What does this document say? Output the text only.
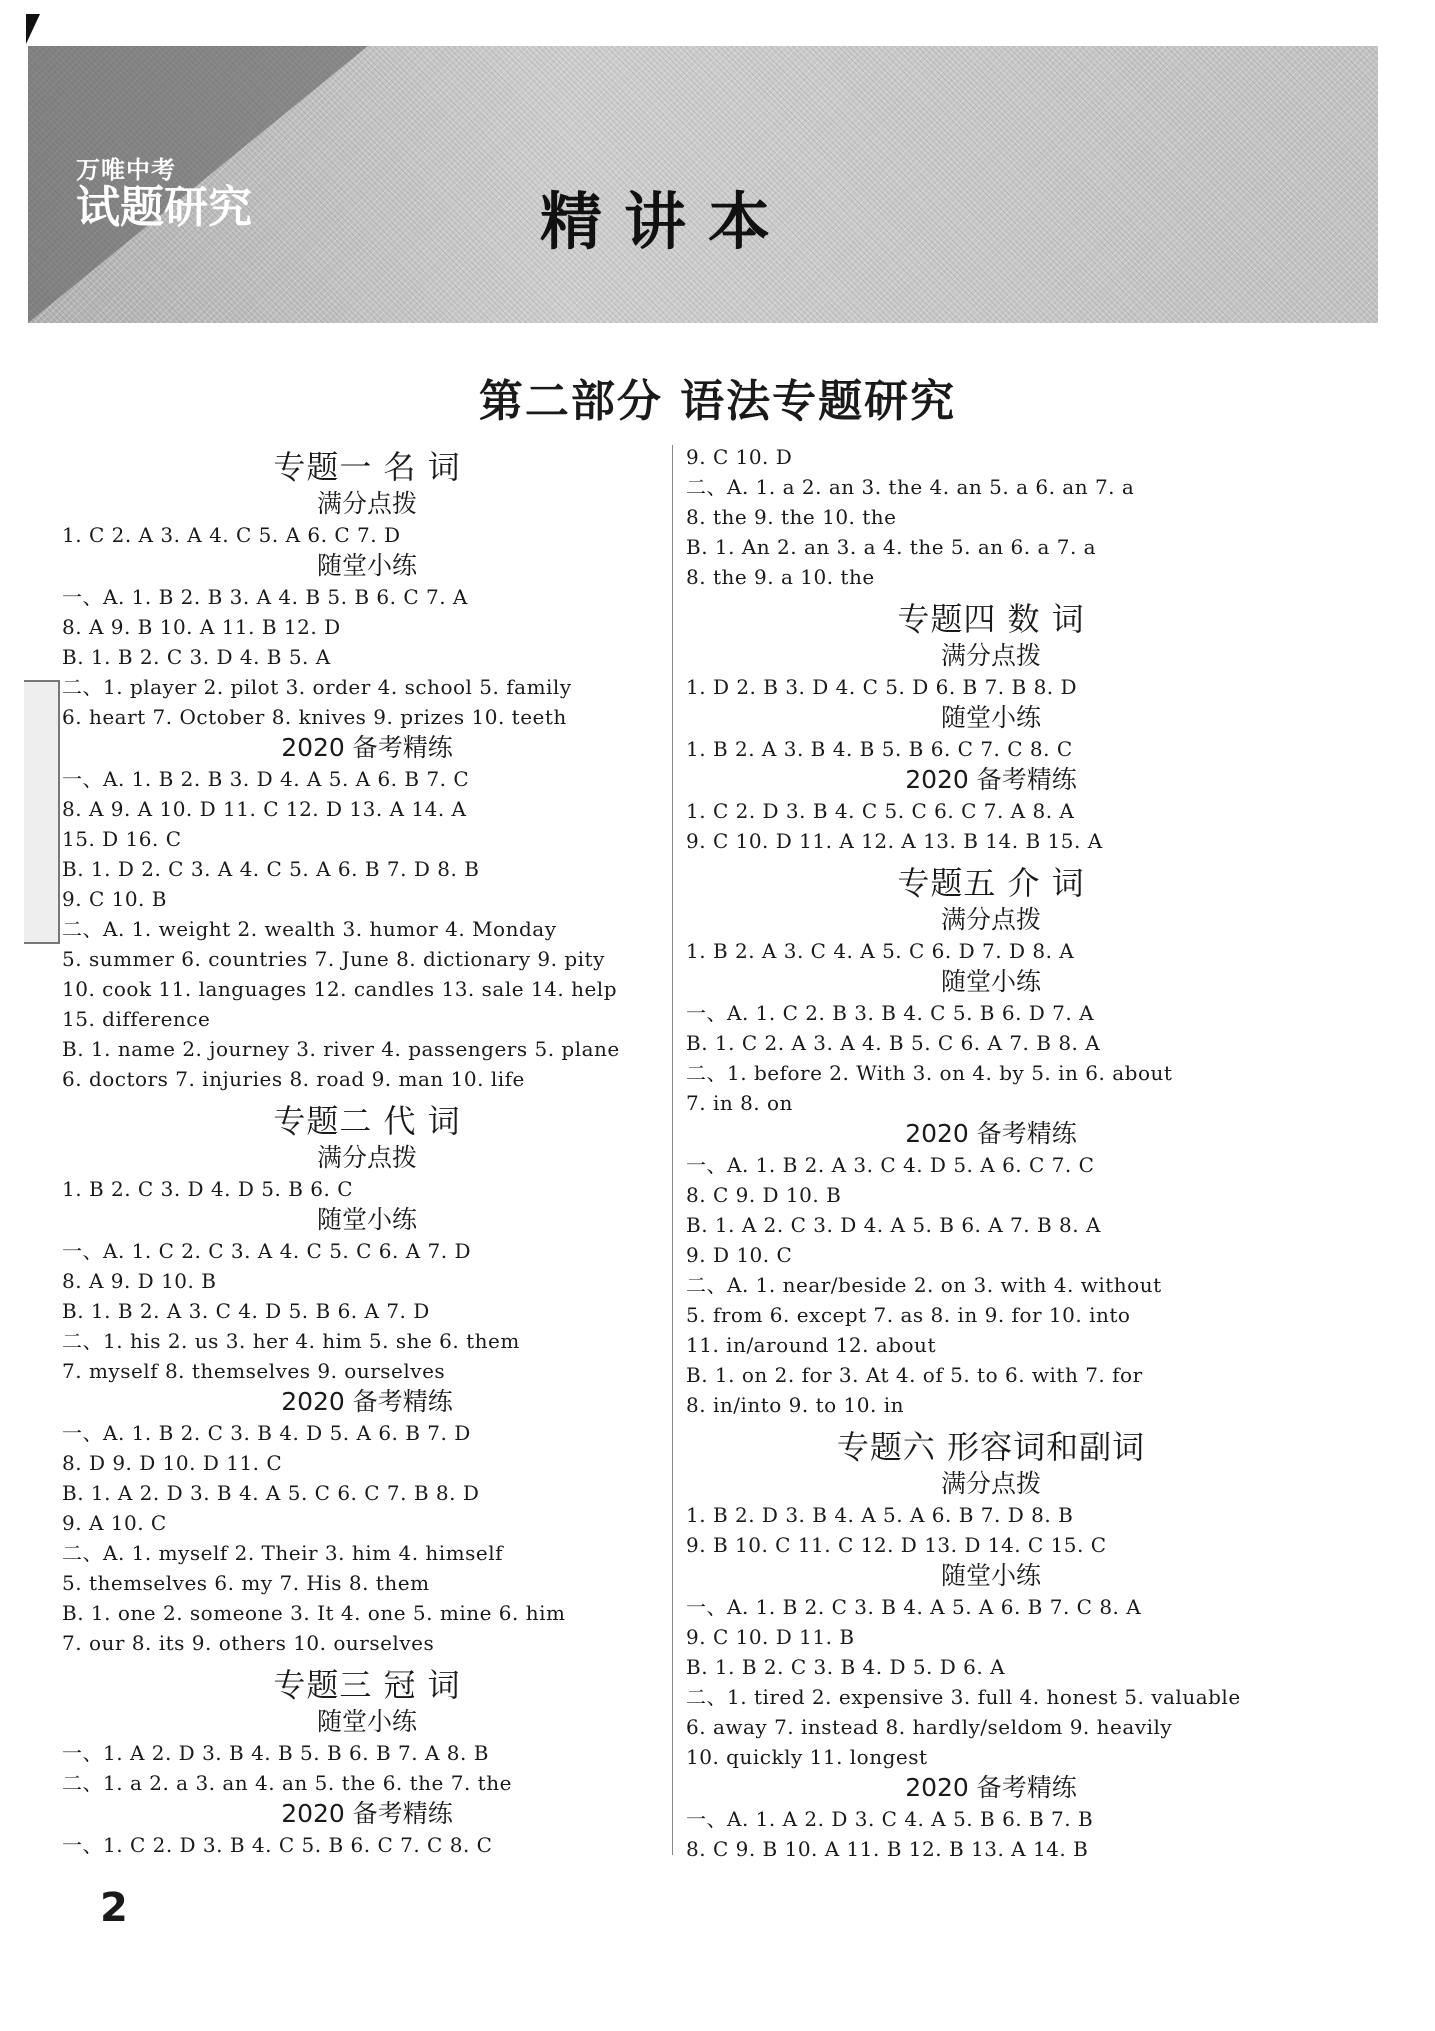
万唯中考
试题研究	精讲本
第二部分 语法专题研究
专题一 名 词
满分点拨
1. C 2. A 3. A 4. C 5. A 6. C 7. D
随堂小练
一、A. 1. B 2. B 3. A 4. B 5. B 6. C 7. A
8. A 9. B 10. A 11. B 12. D
B. 1. B 2. C 3. D 4. B 5. A
二、1. player 2. pilot 3. order 4. school 5. family
6. heart 7. October 8. knives 9. prizes 10. teeth
2020 备考精练
一、A. 1. B 2. B 3. D 4. A 5. A 6. B 7. C
8. A 9. A 10. D 11. C 12. D 13. A 14. A
15. D 16. C
B. 1. D 2. C 3. A 4. C 5. A 6. B 7. D 8. B
9. C 10. B
二、A. 1. weight 2. wealth 3. humor 4. Monday
5. summer 6. countries 7. June 8. dictionary 9. pity
10. cook 11. languages 12. candles 13. sale 14. help
15. difference
B. 1. name 2. journey 3. river 4. passengers 5. plane
6. doctors 7. injuries 8. road 9. man 10. life
专题二 代 词
满分点拨
1. B 2. C 3. D 4. D 5. B 6. C
随堂小练
一、A. 1. C 2. C 3. A 4. C 5. C 6. A 7. D
8. A 9. D 10. B
B. 1. B 2. A 3. C 4. D 5. B 6. A 7. D
二、1. his 2. us 3. her 4. him 5. she 6. them
7. myself 8. themselves 9. ourselves
2020 备考精练
一、A. 1. B 2. C 3. B 4. D 5. A 6. B 7. D
8. D 9. D 10. D 11. C
B. 1. A 2. D 3. B 4. A 5. C 6. C 7. B 8. D
9. A 10. C
二、A. 1. myself 2. Their 3. him 4. himself
5. themselves 6. my 7. His 8. them
B. 1. one 2. someone 3. It 4. one 5. mine 6. him
7. our 8. its 9. others 10. ourselves
专题三 冠 词
随堂小练
一、1. A 2. D 3. B 4. B 5. B 6. B 7. A 8. B
二、1. a 2. a 3. an 4. an 5. the 6. the 7. the
2020 备考精练
一、1. C 2. D 3. B 4. C 5. B 6. C 7. C 8. C
9. C 10. D
二、A. 1. a 2. an 3. the 4. an 5. a 6. an 7. a
8. the 9. the 10. the
B. 1. An 2. an 3. a 4. the 5. an 6. a 7. a
8. the 9. a 10. the
专题四 数 词
满分点拨
1. D 2. B 3. D 4. C 5. D 6. B 7. B 8. D
随堂小练
1. B 2. A 3. B 4. B 5. B 6. C 7. C 8. C
2020 备考精练
1. C 2. D 3. B 4. C 5. C 6. C 7. A 8. A
9. C 10. D 11. A 12. A 13. B 14. B 15. A
专题五 介 词
满分点拨
1. B 2. A 3. C 4. A 5. C 6. D 7. D 8. A
随堂小练
一、A. 1. C 2. B 3. B 4. C 5. B 6. D 7. A
B. 1. C 2. A 3. A 4. B 5. C 6. A 7. B 8. A
二、1. before 2. With 3. on 4. by 5. in 6. about
7. in 8. on
2020 备考精练
一、A. 1. B 2. A 3. C 4. D 5. A 6. C 7. C
8. C 9. D 10. B
B. 1. A 2. C 3. D 4. A 5. B 6. A 7. B 8. A
9. D 10. C
二、A. 1. near/beside 2. on 3. with 4. without
5. from 6. except 7. as 8. in 9. for 10. into
11. in/around 12. about
B. 1. on 2. for 3. At 4. of 5. to 6. with 7. for
8. in/into 9. to 10. in
专题六 形容词和副词
满分点拨
1. B 2. D 3. B 4. A 5. A 6. B 7. D 8. B
9. B 10. C 11. C 12. D 13. D 14. C 15. C
随堂小练
一、A. 1. B 2. C 3. B 4. A 5. A 6. B 7. C 8. A
9. C 10. D 11. B
B. 1. B 2. C 3. B 4. D 5. D 6. A
二、1. tired 2. expensive 3. full 4. honest 5. valuable
6. away 7. instead 8. hardly/seldom 9. heavily
10. quickly 11. longest
2020 备考精练
一、A. 1. A 2. D 3. C 4. A 5. B 6. B 7. B
8. C 9. B 10. A 11. B 12. B 13. A 14. B
2
